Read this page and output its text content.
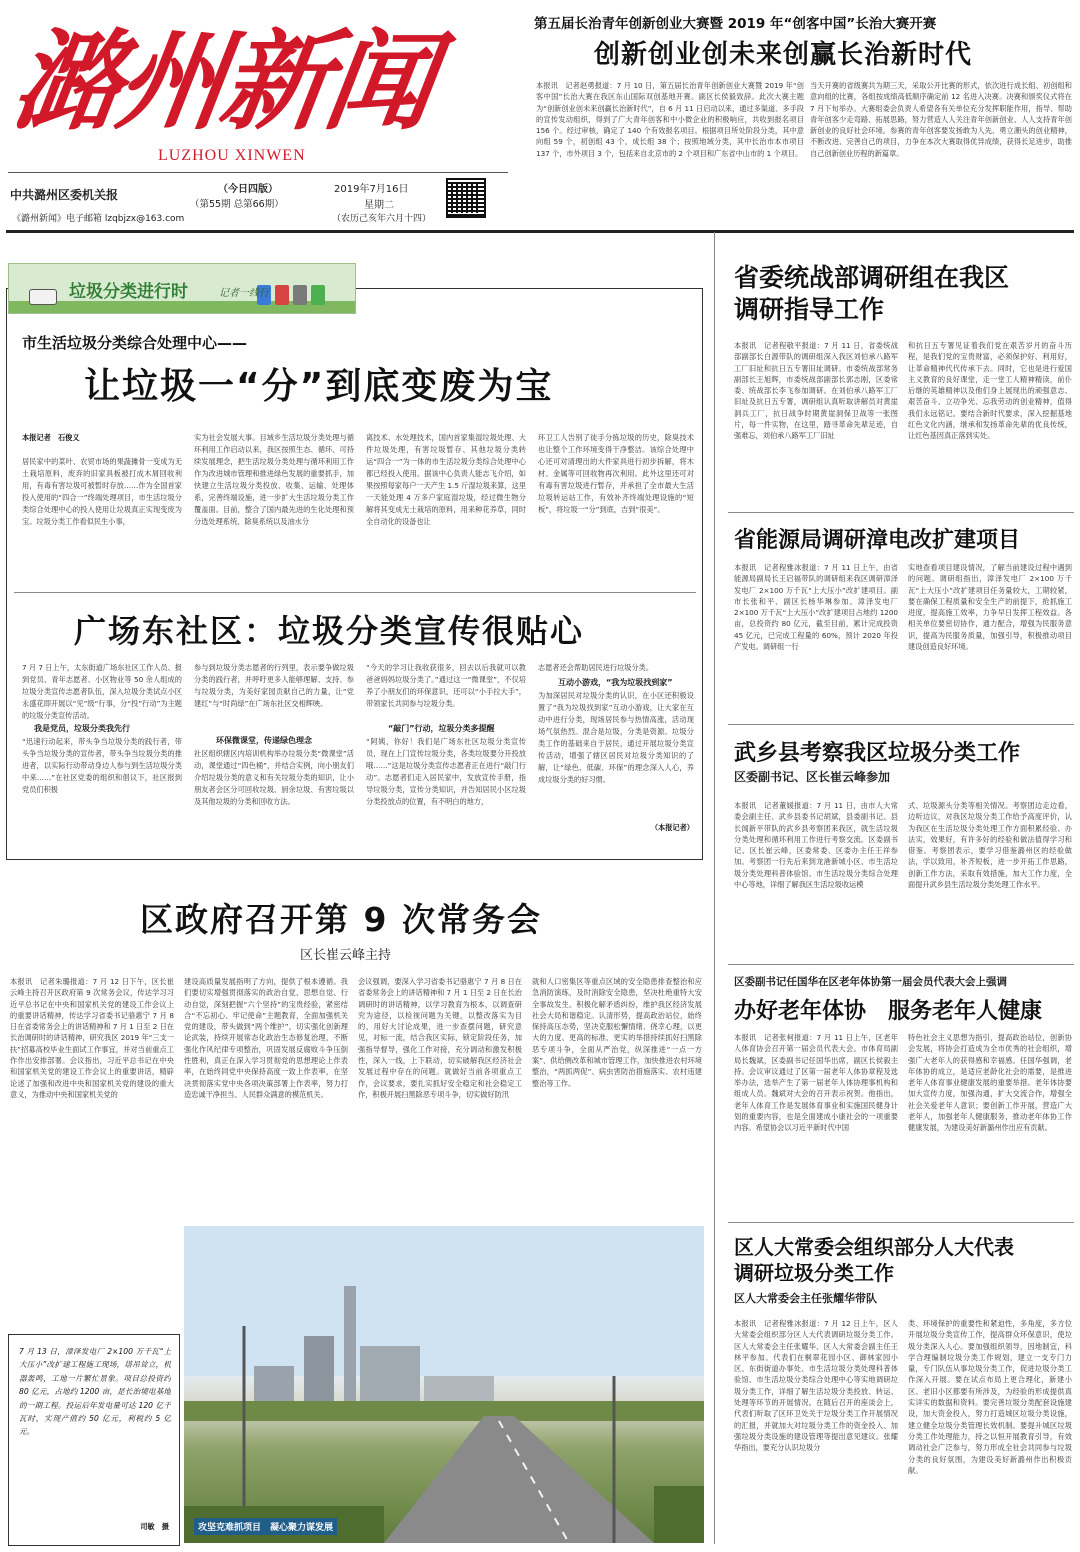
潞州新闻
LUZHOU XINWEN
中共潞州区委机关报	（今日四版）
（第55期 总第66期）
《潞州新闻》电子邮箱 lzqbjzx@163.com
2019年7月16日
星期二
（农历己亥年六月十四）
第五届长治青年创新创业大赛暨 2019 年“创客中国”长治大赛开赛
创新创业创未来创赢长治新时代
本报讯　记者赵勇报道：7 月 10 日，第五届长治青年创新创业大赛暨 2019 年“创客中国”长治大赛在我区东山国际双创基地开赛。副区长侯毅致辞。此次大赛主题为“创新创业创未来创赢长治新时代”，自 6 月 11 日启动以来，通过多渠道、多手段的宣传发动组织，得到了广大青年创客和中小微企业的积极响应，共收到报名项目 156 个。经过审核，确定了 140 个有效报名项目。根据项目所处阶段分类，其中意向组 59 个，初创组 43 个，成长组 38 个；按照地域分类，其中长治市本市项目 137 个，市外项目 3 个，包括来自北京市的 2 个项目和广东省中山市的 1 个项目。
当天开赛的省级赛共为期三天，采取公开比赛的形式，依次进行成长组、初创组和意向组的比赛，各组按成绩高低顺序确定前 12 名进入决赛。决赛和颁奖仪式将在 7 月下旬举办。大赛组委会负责人希望各有关单位充分发挥职能作用，指导、帮助青年创客少走弯路、拓展思路，努力营造人人关注青年创新创业、人人支持青年创新创业的良好社会环境。参赛的青年创客要发扬敢为人先、勇立潮头的创业精神，不断改进、完善自己的项目，力争在本次大赛取得优异成绩，获得长足进步，助推自己创新创业历程的新篇章。
垃圾分类进行时	记者一线行
市生活垃圾分类综合处理中心——
让垃圾一“分”到底变废为宝
本报记者　石俊义
居民家中的菜叶、农贸市场的果蔬摊骨一变成为无土栽培原料，废弃的旧家具板被打成木屑回收利用，有毒有害垃圾可被暂时存放……作为全国首家投入使用的“四合一”终端处理项目，市生活垃圾分类综合处理中心的投入使用让垃圾真正实现变废为宝。垃圾分类工作看似民生小事，
实为社会发展大事。目域乡生活垃圾分类处理与循环利用工作启动以来，我区按照生态、循环、可持续发展理念，把生活垃圾分类处理与循环利用工作作为改进城市管理和推进绿色发展的重要抓手，加快建立生活垃圾分类投放、收集、运输、处理体系，完善终端设施，进一步扩大生活垃圾分类工作覆盖面。目前，整合了国内最先进的生化处理和预分选处理系统、除臭系统以及油水分
离技术、水处理技术，国内首家集湿垃圾处理、大件垃圾处理，有害垃圾暂存、其他垃圾分类转运“四合一”为一体的市生活垃圾分类综合处理中心都已经投入使用。据该中心负责人能志飞介绍，如果按照每家每户一天产生 1.5 斤湿垃圾来算，这里一天能处理 4 万多户家庭湿垃圾，经过微生物分解将其变成无土栽培的原料，用来种花养草，同时全自动化的设备也让
环卫工人告别了徒手分拣垃圾的历史，除臭技术也让整个工作环境变得干净整洁。该综合处理中心还可对清理出的大件家具进行初步拆解，将木材、金属等可回收物再次利用。此外这里还可对有毒有害垃圾进行暂存，并承担了全市最大生活垃圾转运站工作，有效补齐终端处理设施的“短板”，将垃圾一“分”到底，吉到“很美”。
广场东社区：垃圾分类宣传很贴心
7 月 7 日上午，太东街道广场东社区工作人员、报到党员、青年志愿者、小区物业等 50 余人组成的垃圾分类宣传志愿者队伍，深入垃圾分类试点小区永盛花即开展以“见”级“行事，分“投”行动”为主题的垃圾分类宣传活动。
我是党员，垃圾分类我先行
“迅速行动起来，带头争当垃圾分类的践行者，带头争当垃圾分类的宣传者，带头争当垃圾分类的推进者，以实际行动带动身边人参与到生活垃圾分类中来……”在社区党委的组织和倡议下，社区报到党员们积极
参与到垃圾分类志愿者的行列里，表示要争做垃圾分类的践行者，并呼吁更多人能够理解、支持、参与垃圾分类，为美好家园贡献自己的力量，让“党建红”与“时尚绿”在广场东社区交相辉映。
环保微课堂，传递绿色理念
社区组织辖区内培训机构举办垃圾分类“微课堂”活动，课堂通过“四色桶”，并结合实例，向小朋友们介绍垃圾分类的意义和有关垃圾分类的知识，让小朋友者会区分可回收垃圾、厨余垃圾、有害垃圾以及其他垃圾的分类和回收方法。
“今天的学习让我收获很多，回去以后我就可以教爸爸妈妈垃圾分类了。”通过这一“微课堂”，不仅培养了小朋友们的环保意识，还可以“小手拉大手”，带领家长共同参与垃圾分类。
“敲门”行动，垃圾分类多提醒
“阿姨，你好！我们是广场东社区垃圾分类宣传员，现在上门宣传垃圾分类，各类垃圾要分开投放哦……”这是垃圾分类宣传志愿者正在进行“敲门行动”。志愿者们走入居民家中，发放宣传手册，指导垃圾分类，宣传分类知识，并告知居民小区垃圾分类投放点的位置，有不明白的地方，
志愿者还会帮助居民进行垃圾分类。
互动小游戏，“我为垃圾找到家”
为加深居民对垃圾分类的认识，在小区还积极设置了“我为垃圾找到家”互动小游戏，让大家在互动中进行分类，现场居民参与热情高涨，活动现场气氛热烈。混合是垃圾，分类是资源。垃圾分类工作的基础来自于居民，通过开展垃圾分类宣传活动，增强了辖区居民对垃圾分类知识的了解，让“绿色、低碳、环保”的理念深入人心，养成垃圾分类的好习惯。
（本报记者）
区政府召开第 9 次常务会
区长崔云峰主持
本报讯　记者朱璐报道：7 月 12 日下午，区长崔云峰主持召开区政府第 9 次常务会议，传达学习习近平总书记在中央和国家机关党的建设工作会议上的重要讲话精神，传达学习省委书记骆惠宁 7 月 8 日在省委常务会上的讲话精神和 7 月 1 日至 2 日在长治调研时的讲话精神，研究我区 2019 年“三支一扶”招募高校毕业生面试工作事宜，并对当前重点工作作出安排部署。会议指出，习近平总书记在中央和国家机关党的建设工作会议上的重要讲话，精辟论述了加强和改进中央和国家机关党的建设的重大意义，为推动中央和国家机关党的
建设高质量发展指明了方向，提供了根本遵循。我们要切实增强贯彻落实的政治自觉、思想自觉、行动自觉，深刻把握“六个坚持”的宝贵经验，紧密结合“不忘初心、牢记使命”主题教育，全面加强机关党的建设，带头做到“两个维护”，切实强化创新理论武装，持续开展常态化政治生态修复治理，不断强化作风纪律专项整治，巩固发展反腐败斗争压倒性胜利，真正在深入学习贯彻党的思想理论上作表率，在始终同党中央保持高度一致上作表率，在坚决贯彻落实党中央各项决策部署上作表率，努力打造忠诚干净担当、人民群众满意的模范机关。
会议强调，要深入学习省委书记骆惠宁 7 月 8 日在省委常务会上的讲话精神和 7 月 1 日至 2 日在长治调研时的讲话精神，以学习教育为根本，以调查研究为途径，以检视问题为关键，以整改落实为目的，用好大讨论成果，进一步查摆问题，研究意见，对标一流，结合我区实际，锁定阶段任务，加强指导督导，强化工作对接，充分调动和激发积极性，深入一线，上下联动，切实破解我区经济社会发展过程中存在的问题。就做好当前各项重点工作，会议要求，要扎实抓好安全稳定和社会稳定工作，积极开展扫黑除恶专项斗争，切实做好防汛
就和人口密集区等重点区域的安全隐患排查整治和应急消防演练，及时消除安全隐患，坚决杜绝重特大安全事故发生。积极化解矛盾纠纷，维护我区经济发展社会大局和谐稳定。认清形势，提高政治站位，始终保持高压态势，坚决克服松懈情绪、侥幸心理，以更大的力度、更高的标准、更实的举措持续抓好扫黑除恶专项斗争，全面从严治党，纵深推进“一点一方案”、供给侧改革和城市管理工作，加快推进农村环境整治，“两抓两促”、病虫害防治措施落实、农村违建整治等工作。
攻坚克难抓项目　凝心聚力谋发展
7 月 13 日，漳泽发电厂 2×100 万千瓦“上大压小”改扩建工程施工现场，塔吊耸立，机器轰鸣，工地一片繁忙景象。项目总投资约 80 亿元，占地约 1200 亩，是长治境电基地的一期工程。投运后年发电量可达 120 亿千瓦时，实现产值约 50 亿元，利税约 5 亿元。
司敏　摄
省委统战部调研组在我区
调研指导工作
本报讯　记者程敬平报道：7 月 11 日，省委统战部副部长白源带队的调研组深入我区刘伯承八路军工厂旧址和抗日五专署旧址调研。市委统战部常务副部长王旭辉，市委统战部副部长郭志刚，区委常委、统战部长李飞参加调研。在刘伯承八路军工厂旧址及抗日五专署，调研组认真听取讲解员对黄崖洞兵工厂，抗日战争时期黄崖洞保卫战等一张图片，每一件实物，在这里，踏寻革命先辈足迹，自强难忘，刘伯承八路军工厂旧址
和抗日五专署见证着我们党在艰苦岁月的奋斗历程，是我们党的宝贵财富，必须保护好、利用好，让革命精神代代传承下去。同时，它也是进行爱国主义教育的良好课堂，走一堂工人精神精读，前仆后继的英雄精神以及他们身上展现出的顽强意志、艰苦奋斗、立功争光、忘我劳动的创业精神，值得我们永远铭记。要结合新时代要求，深入挖掘基地红色文化内涵，继承和发扬革命先辈的优良传统，让红色基因真正落到实处。
省能源局调研漳电改扩建项目
本报讯　记者程雅冰报道：7 月 11 日上午，由省能源局副局长王启福带队的调研组来我区调研漳泽发电厂 2×100 万千瓦“上大压小”改扩建项目。副市长张和平、副区长杨华琳参加。漳泽发电厂 2×100 万千瓦“上大压小”改扩建项目占地约 1200 亩，总投资约 80 亿元，截至目前，累计完成投资 45 亿元，已完成工程量的 60%，预计 2020 年投产发电。调研组一行
实地查看项目建设情况，了解当前建设过程中遇到的问题。调研组指出，漳泽发电厂 2×100 万千瓦“上大压小”改扩建项目任务量较大，工期较紧，要在确保工程质量和安全生产的前提下，抢抓施工进度，提高施工效率，力争早日发挥工程效益。各相关单位要密切协作，通力配合，增强为民服务意识，提高为民服务质量，加强引导，积极推动项目建设创造良好环境。
武乡县考察我区垃圾分类工作
区委副书记、区长崔云峰参加
本报讯　记者董媛报道：7 月 11 日，由市人大常委会副主任、武乡县委书记胡斌，县委副书记、县长闻新平带队的武乡县考察团来我区，就生活垃圾分类处理和循环利用工作进行考察交流。区委副书记、区长崔云峰，区委常委、区委办主任王祥参加。考察团一行先后来到龙港新城小区、市生活垃圾分类处理科普体验馆、市生活垃圾分类综合处理中心等地，详细了解我区生活垃圾收运模
式、垃圾源头分类等相关情况。考察团边走边看，边听边议，对我区垃圾分类工作给予高度评价，认为我区在生活垃圾分类处理工作方面积累经验、办法实，效果好，有许多好的经验和做法值得学习和借鉴。考察团表示，要学习借鉴潞州区的经验做法，学以致用，补齐短板，进一步开拓工作思路，创新工作方法，采取有效措施，加大工作力度，全面提升武乡县生活垃圾分类处理工作水平。
区委副书记任国华在区老年体协第一届会员代表大会上强调
办好老年体协　服务老年人健康
本报讯　记者张柯报道：7 月 11 日上午，区老年人体育协会召开第一届会员代表大会。市体育局副局长魏斌，区委副书记任国华出席，副区长侯毅主持。会议审议通过了区第一届老年人体协章程及选举办法，选举产生了第一届老年人体协理事机构和组成人员。魏斌对大会的召开表示祝贺。他指出，老年人体育工作是发展体育事业和实施国民健身计划的重要内容，也是全面建成小康社会的一项重要内容。希望协会以习近平新时代中国
特色社会主义思想为指引，提高政治站位，创新协会发展，将协会打造成为全市优秀的社会组织，增强广大老年人的获得感和幸福感。任国华强调，老年体协的成立，是适应老龄化社会的需要，是推进老年人体育事业健康发展的重要举措。老年体协要加大宣传力度，加强沟通，扩大交流合作，增强全社会关爱老年人意识；要创新工作开展，营造广大老年人，加强老年人健康服务，推动老年体协工作健康发展，为建设美好新潞州作出应有贡献。
区人大常委会组织部分人大代表
调研垃圾分类工作
区人大常委会主任张耀华带队
本报讯　记者程雅冰报道：7 月 12 日上午，区人大常委会组织部分区人大代表调研垃圾分类工作。区人大常委会主任张耀华、区人大常委会副主任王林平参加。代表们在桐翠花园小区、御林家园小区、东街街道办事处、市生活垃圾分类处理科普体验馆、市生活垃圾分类综合处理中心等实地调研垃圾分类工作，详细了解生活垃圾分类投放、转运、处理等环节的开展情况。在随后召开的座谈会上，代表们听取了区环卫处关于垃圾分类工作开展情况的汇报，并就加大对垃圾分类工作的资金投入、加强垃圾分类设施的建设管理等提出意见建议。张耀华指出，要充分认识垃圾分
类、环境保护的重要性和紧迫性，多角度，多方位开展垃圾分类宣传工作，提高群众环保意识，使垃圾分类深入人心。要加强组织领导，因地制宜，科学合理编制垃圾分类工作规划，建立一支专门力量，专门队伍从事垃圾分类工作，促进垃圾分类工作深入开展。要在试点布局上更合理化，新建小区、老旧小区都要有所涉及，为经验的形成提供真实详实的数据和资料。要完善垃圾分类配套设施建设，加大资金投入，努力打造城区垃圾分类设施，建立健全垃圾分类管理长效机制。要提升城区垃圾分类工作处理能力，持之以恒开展教育引导，有效调动社会广泛参与，努力形成全社会共同参与垃圾分类的良好氛围，为建设美好新潞州作出积极贡献。
